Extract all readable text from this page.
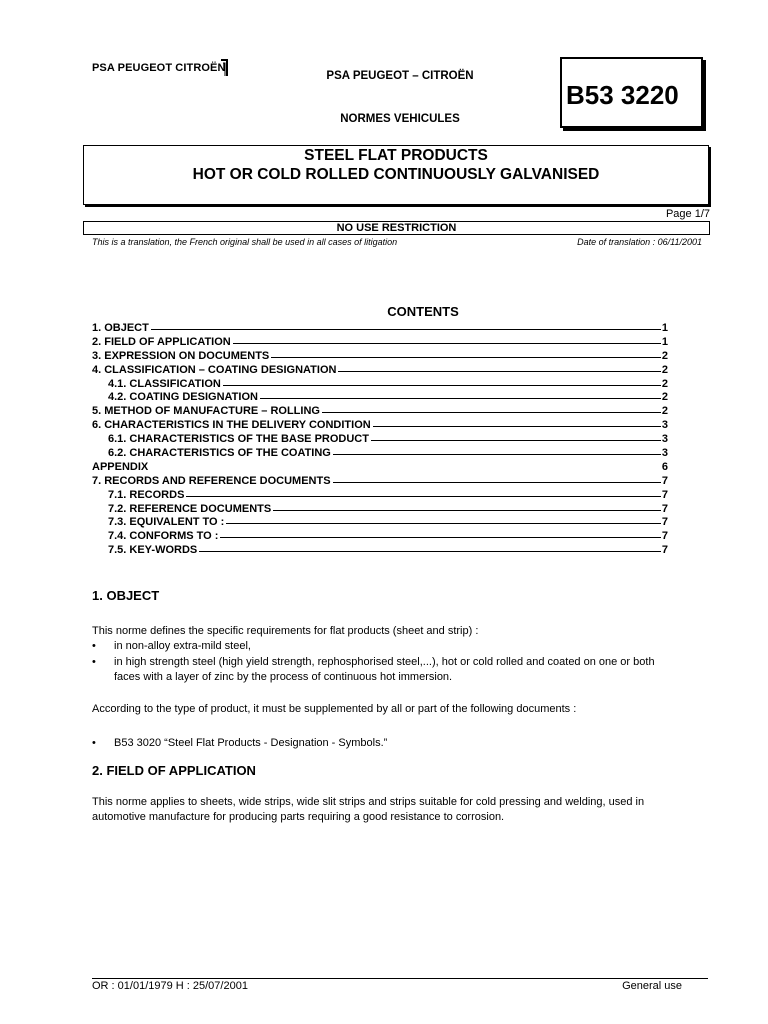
PSA PEUGEOT CITROËN
PSA PEUGEOT – CITROËN
NORMES VEHICULES
B53 3220
STEEL FLAT PRODUCTS
HOT OR COLD ROLLED CONTINUOUSLY GALVANISED
Page 1/7
NO USE RESTRICTION
This is a translation, the French original shall be used in all cases of litigation	Date of translation : 06/11/2001
CONTENTS
1. OBJECT	1
2. FIELD OF APPLICATION	1
3. EXPRESSION ON DOCUMENTS	2
4. CLASSIFICATION – COATING DESIGNATION	2
4.1. CLASSIFICATION	2
4.2. COATING DESIGNATION	2
5. METHOD OF MANUFACTURE – ROLLING	2
6. CHARACTERISTICS IN THE DELIVERY CONDITION	3
6.1. CHARACTERISTICS OF THE BASE PRODUCT	3
6.2. CHARACTERISTICS OF THE COATING	3
APPENDIX	6
7. RECORDS AND REFERENCE DOCUMENTS	7
7.1. RECORDS	7
7.2. REFERENCE DOCUMENTS	7
7.3. EQUIVALENT TO :	7
7.4. CONFORMS TO :	7
7.5. KEY-WORDS	7
1. OBJECT
This norme defines the specific requirements for flat products (sheet and strip) :
• in non-alloy extra-mild steel,
• in high strength steel (high yield strength, rephosphorised steel,...), hot or cold rolled and coated on one or both faces with a layer of zinc by the process of continuous hot immersion.
According to the type of product, it must be supplemented by all or part of the following documents :
• B53 3020 “Steel Flat Products - Designation - Symbols.”
2. FIELD OF APPLICATION
This norme applies to sheets, wide strips, wide slit strips and strips suitable for cold pressing and welding, used in automotive manufacture for producing parts requiring a good resistance to corrosion.
OR : 01/01/1979 H : 25/07/2001	General use
